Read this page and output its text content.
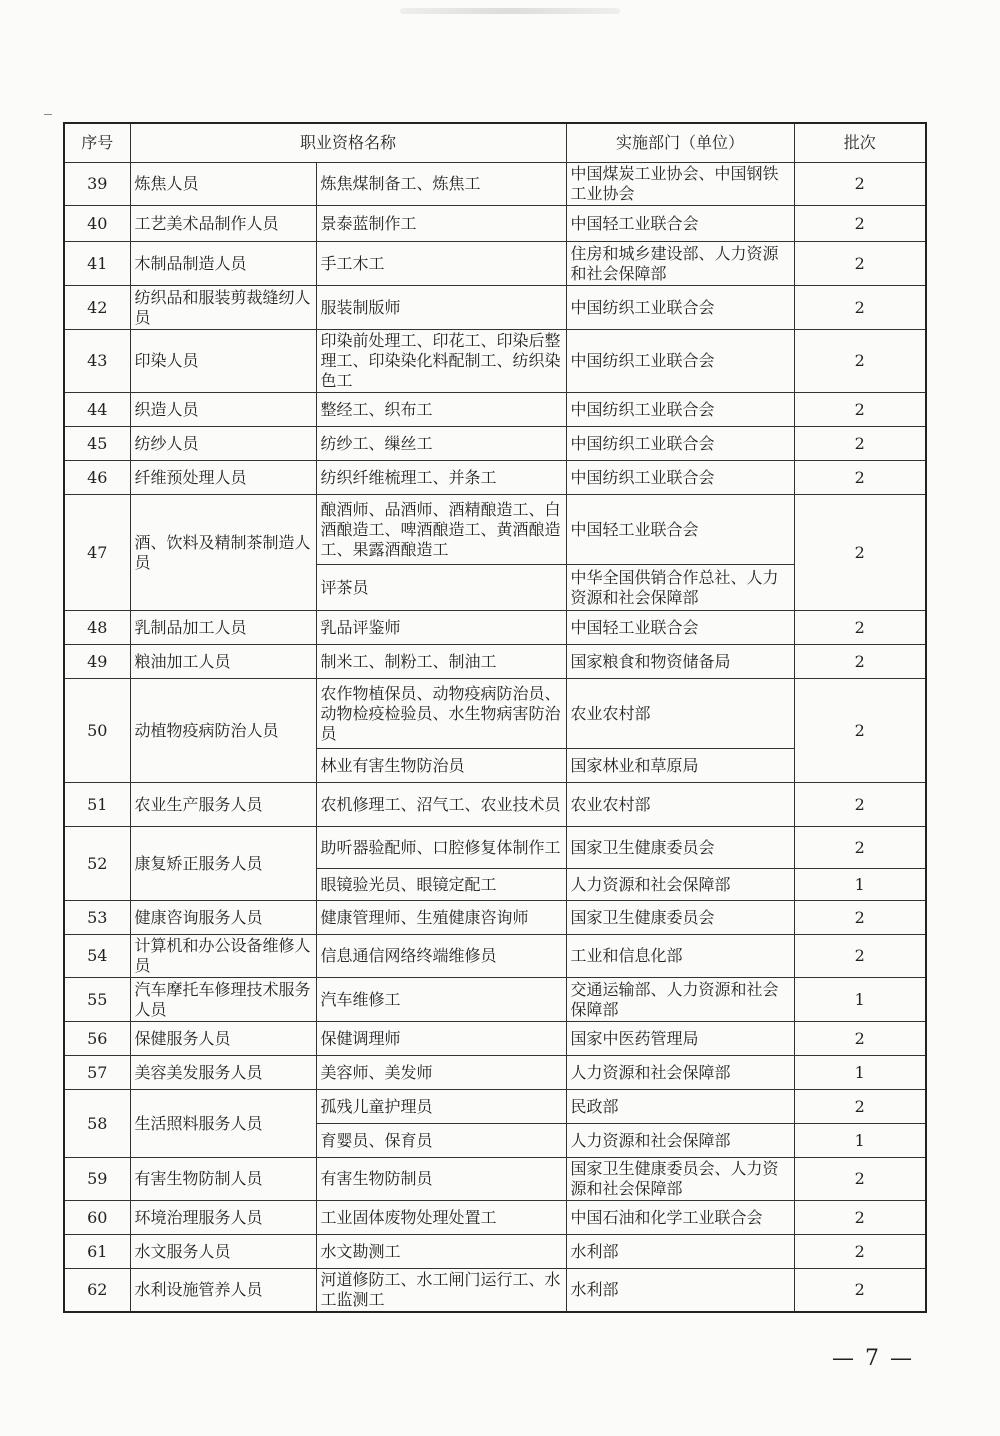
序号	职业资格名称		实施部门（单位）	批次
39	炼焦人员	炼焦煤制备工、炼焦工	中国煤炭工业协会、中国钢铁工业协会	2
40	工艺美术品制作人员	景泰蓝制作工	中国轻工业联合会	2
41	木制品制造人员	手工木工	住房和城乡建设部、人力资源和社会保障部	2
42	纺织品和服装剪裁缝纫人员	服装制版师	中国纺织工业联合会	2
43	印染人员	印染前处理工、印花工、印染后整理工、印染染化料配制工、纺织染色工	中国纺织工业联合会	2
44	织造人员	整经工、织布工	中国纺织工业联合会	2
45	纺纱人员	纺纱工、缫丝工	中国纺织工业联合会	2
46	纤维预处理人员	纺织纤维梳理工、并条工	中国纺织工业联合会	2
47	酒、饮料及精制茶制造人员	酿酒师、品酒师、酒精酿造工、白酒酿造工、啤酒酿造工、黄酒酿造工、果露酒酿造工	中国轻工业联合会	2
		评茶员	中华全国供销合作总社、人力资源和社会保障部	
48	乳制品加工人员	乳品评鉴师	中国轻工业联合会	2
49	粮油加工人员	制米工、制粉工、制油工	国家粮食和物资储备局	2
50	动植物疫病防治人员	农作物植保员、动物疫病防治员、动物检疫检验员、水生物病害防治员	农业农村部	2
		林业有害生物防治员	国家林业和草原局	
51	农业生产服务人员	农机修理工、沼气工、农业技术员	农业农村部	2
52	康复矫正服务人员	助听器验配师、口腔修复体制作工	国家卫生健康委员会	2
		眼镜验光员、眼镜定配工	人力资源和社会保障部	1
53	健康咨询服务人员	健康管理师、生殖健康咨询师	国家卫生健康委员会	2
54	计算机和办公设备维修人员	信息通信网络终端维修员	工业和信息化部	2
55	汽车摩托车修理技术服务人员	汽车维修工	交通运输部、人力资源和社会保障部	1
56	保健服务人员	保健调理师	国家中医药管理局	2
57	美容美发服务人员	美容师、美发师	人力资源和社会保障部	1
58	生活照料服务人员	孤残儿童护理员	民政部	2
		育婴员、保育员	人力资源和社会保障部	1
59	有害生物防制人员	有害生物防制员	国家卫生健康委员会、人力资源和社会保障部	2
60	环境治理服务人员	工业固体废物处理处置工	中国石油和化学工业联合会	2
61	水文服务人员	水文勘测工	水利部	2
62	水利设施管养人员	河道修防工、水工闸门运行工、水工监测工	水利部	2
— 7 —
